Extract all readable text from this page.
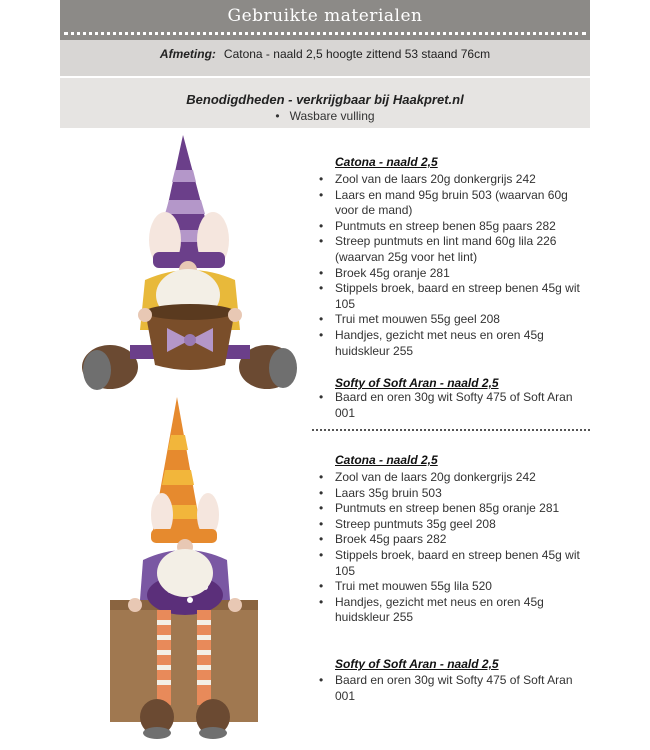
Gebruikte materialen
Afmeting: Catona - naald 2,5 hoogte zittend 53 staand 76cm
Benodigdheden - verkrijgbaar bij Haakpret.nl
• Wasbare vulling
Catona - naald 2,5
• Zool van de laars 20g donkergrijs 242
• Laars en mand 95g bruin 503 (waarvan 60g voor de mand)
• Puntmuts en streep benen 85g paars 282
• Streep puntmuts en lint mand 60g lila 226 (waarvan 25g voor het lint)
• Broek 45g oranje 281
• Stippels broek, baard en streep benen 45g wit 105
• Trui met mouwen 55g geel 208
• Handjes, gezicht met neus en oren 45g huidskleur 255
Softy of Soft Aran - naald 2,5
• Baard en oren 30g wit Softy 475 of Soft Aran 001
Catona - naald 2,5
• Zool van de laars 20g donkergrijs 242
• Laars 35g bruin 503
• Puntmuts en streep benen 85g oranje 281
• Streep puntmuts 35g geel 208
• Broek 45g paars 282
• Stippels broek, baard en streep benen 45g wit 105
• Trui met mouwen 55g lila 520
• Handjes, gezicht met neus en oren 45g huidskleur 255
Softy of Soft Aran - naald 2,5
• Baard en oren 30g wit Softy 475 of Soft Aran 001
